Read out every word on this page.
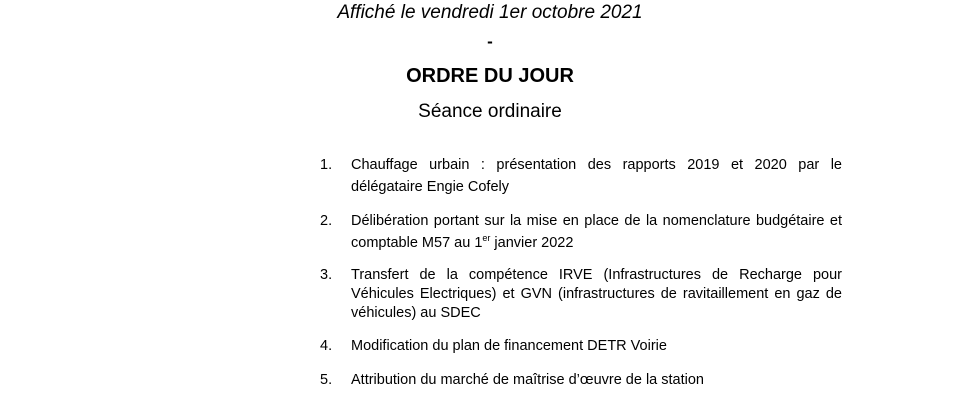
Affiché le vendredi 1er octobre 2021
-
ORDRE DU JOUR
Séance ordinaire
1.	Chauffage urbain : présentation des rapports 2019 et 2020 par le délégataire Engie Cofely
2.	Délibération portant sur la mise en place de la nomenclature budgétaire et comptable M57 au 1er janvier 2022
3.	Transfert de la compétence IRVE (Infrastructures de Recharge pour Véhicules Electriques) et GVN (infrastructures de ravitaillement en gaz de véhicules) au SDEC
4.	Modification du plan de financement DETR Voirie
5.	Attribution du marché de maîtrise d’œuvre de la station
